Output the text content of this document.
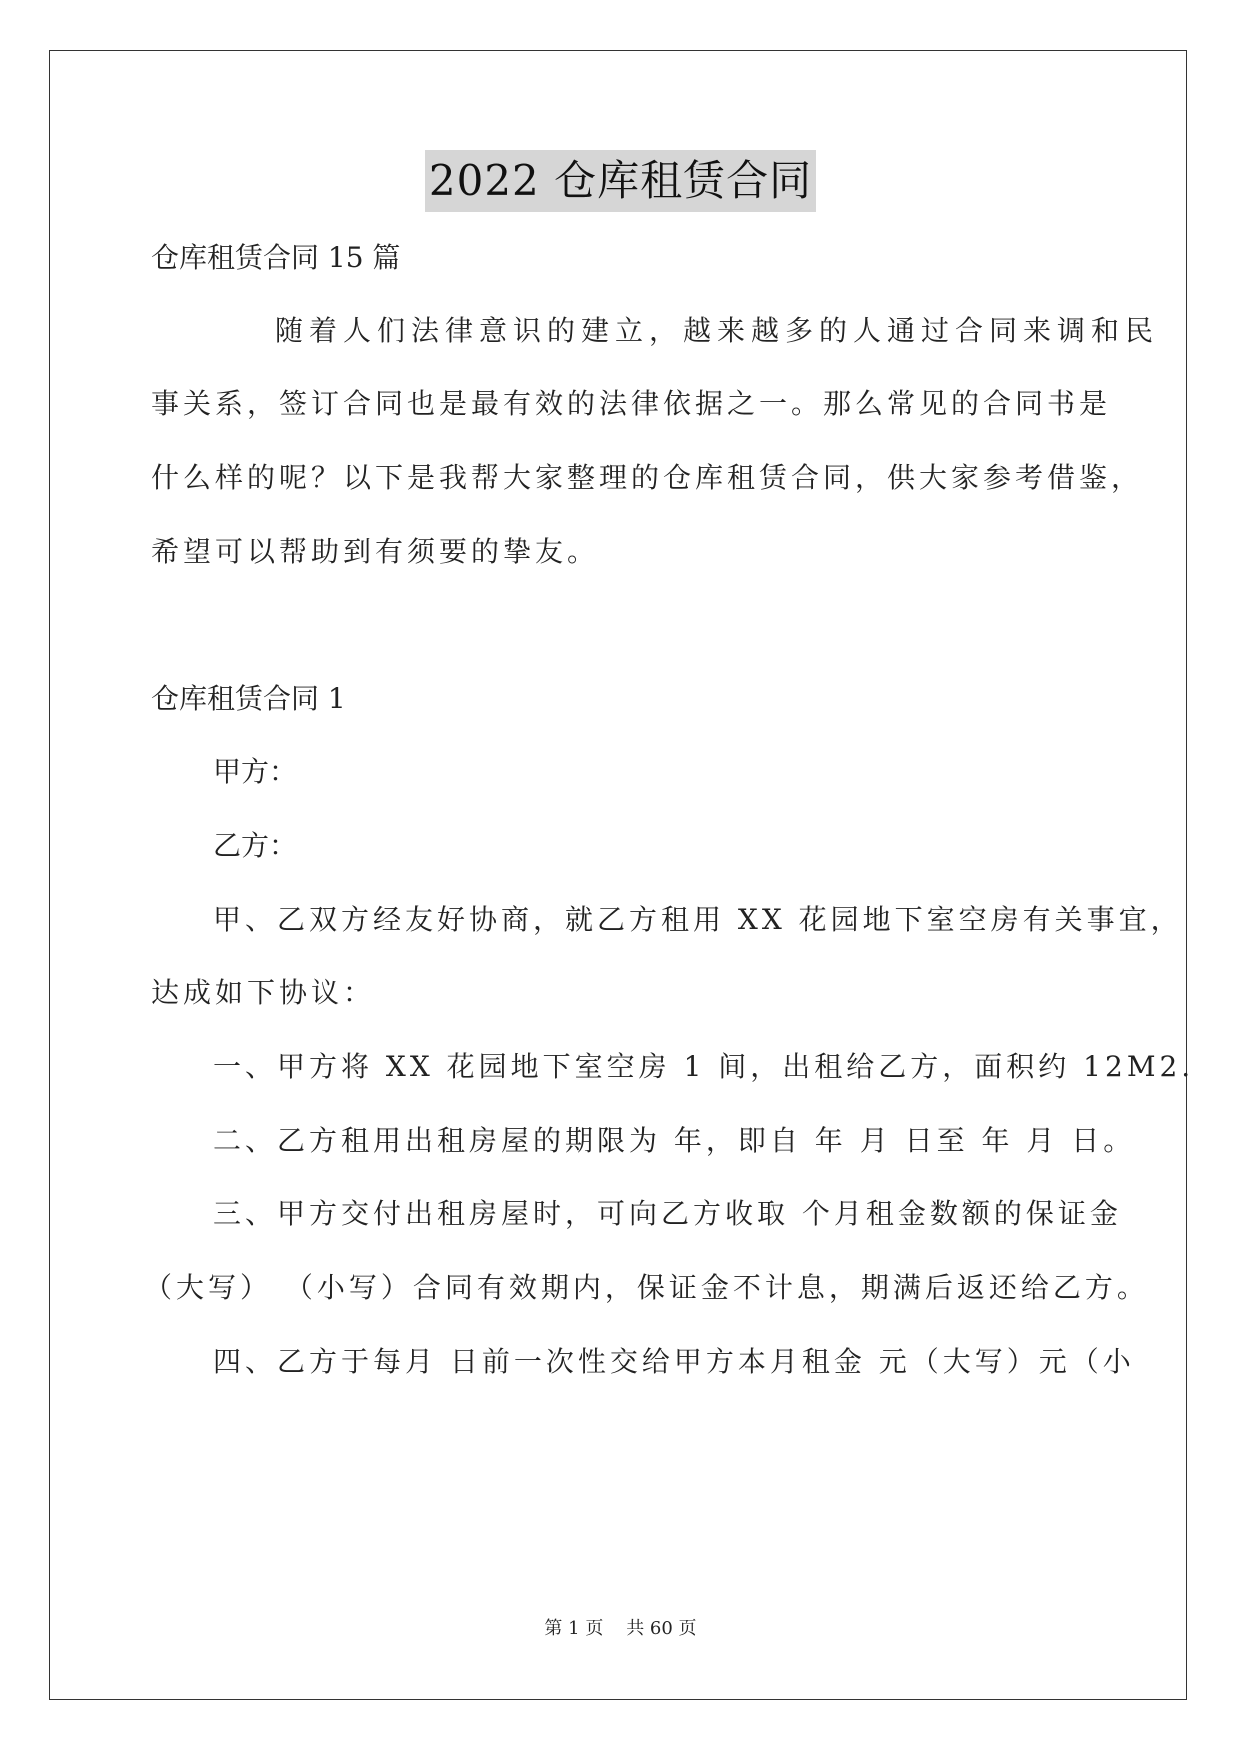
2022 仓库租赁合同
仓库租赁合同 15 篇
随着人们法律意识的建立，越来越多的人通过合同来调和民
事关系，签订合同也是最有效的法律依据之一。那么常见的合同书是
什么样的呢？以下是我帮大家整理的仓库租赁合同，供大家参考借鉴，
希望可以帮助到有须要的挚友。
仓库租赁合同 1
甲方：
乙方：
甲、乙双方经友好协商，就乙方租用 XX 花园地下室空房有关事宜，
达成如下协议：
一、甲方将 XX 花园地下室空房 1 间，出租给乙方，面积约 12M2.
二、乙方租用出租房屋的期限为 年，即自 年 月 日至 年 月 日。
三、甲方交付出租房屋时，可向乙方收取 个月租金数额的保证金
（大写） （小写）合同有效期内，保证金不计息，期满后返还给乙方。
四、乙方于每月 日前一次性交给甲方本月租金 元（大写）元（小
第 1 页    共 60 页
